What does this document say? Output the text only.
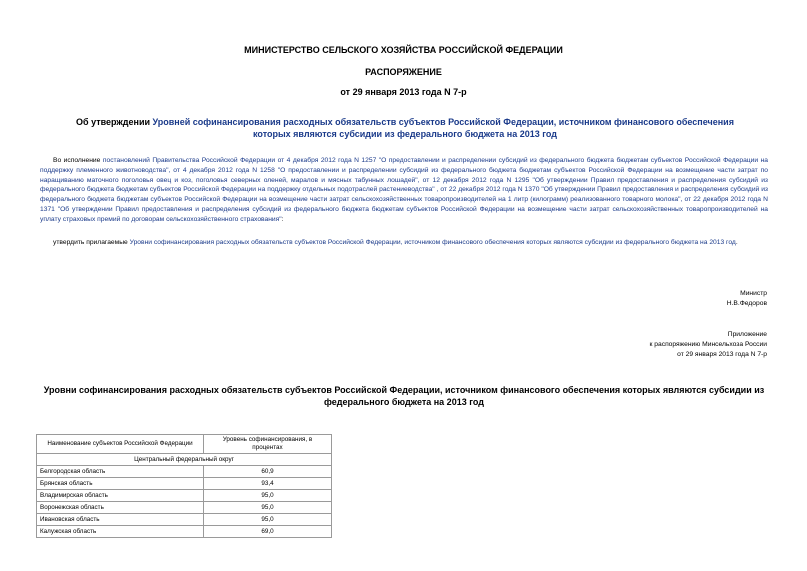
МИНИСТЕРСТВО СЕЛЬСКОГО ХОЗЯЙСТВА РОССИЙСКОЙ ФЕДЕРАЦИИ
РАСПОРЯЖЕНИЕ
от 29 января 2013 года N 7-р
Об утверждении Уровней софинансирования расходных обязательств субъектов Российской Федерации, источником финансового обеспечения которых являются субсидии из федерального бюджета на 2013 год
Во исполнение постановлений Правительства Российской Федерации от 4 декабря 2012 года N 1257 "О предоставлении и распределении субсидий из федерального бюджета бюджетам субъектов Российской Федерации на поддержку племенного животноводства", от 4 декабря 2012 года N 1258 "О предоставлении и распределении субсидий из федерального бюджета бюджетам субъектов Российской Федерации на возмещение части затрат по наращиванию маточного поголовья овец и коз, поголовья северных оленей, маралов и мясных табунных лошадей", от 12 декабря 2012 года N 1295 "Об утверждении Правил предоставления и распределения субсидий из федерального бюджета бюджетам субъектов Российской Федерации на поддержку отдельных подотраслей растениеводства" , от 22 декабря 2012 года N 1370 "Об утверждении Правил предоставления и распределения субсидий из федерального бюджета бюджетам субъектов Российской Федерации на возмещение части затрат сельскохозяйственных товаропроизводителей на 1 литр (килограмм) реализованного товарного молока", от 22 декабря 2012 года N 1371 "Об утверждении Правил предоставления и распределения субсидий из федерального бюджета бюджетам субъектов Российской Федерации на возмещение части затрат сельскохозяйственных товаропроизводителей на уплату страховых премий по договорам сельскохозяйственного страхования":
утвердить прилагаемые Уровни софинансирования расходных обязательств субъектов Российской Федерации, источником финансового обеспечения которых являются субсидии из федерального бюджета на 2013 год.
Министр
Н.В.Федоров
Приложение
к распоряжению Минсельхоза России
от 29 января 2013 года N 7-р
Уровни софинансирования расходных обязательств субъектов Российской Федерации, источником финансового обеспечения которых являются субсидии из федерального бюджета на 2013 год
Наименование субъектов Российской Федерации	Уровень софинансирования, в процентах
Центральный федеральный округ	
Белгородская область	60,9
Брянская область	93,4
Владимирская область	95,0
Воронежская область	95,0
Ивановская область	95,0
Калужская область	69,0
